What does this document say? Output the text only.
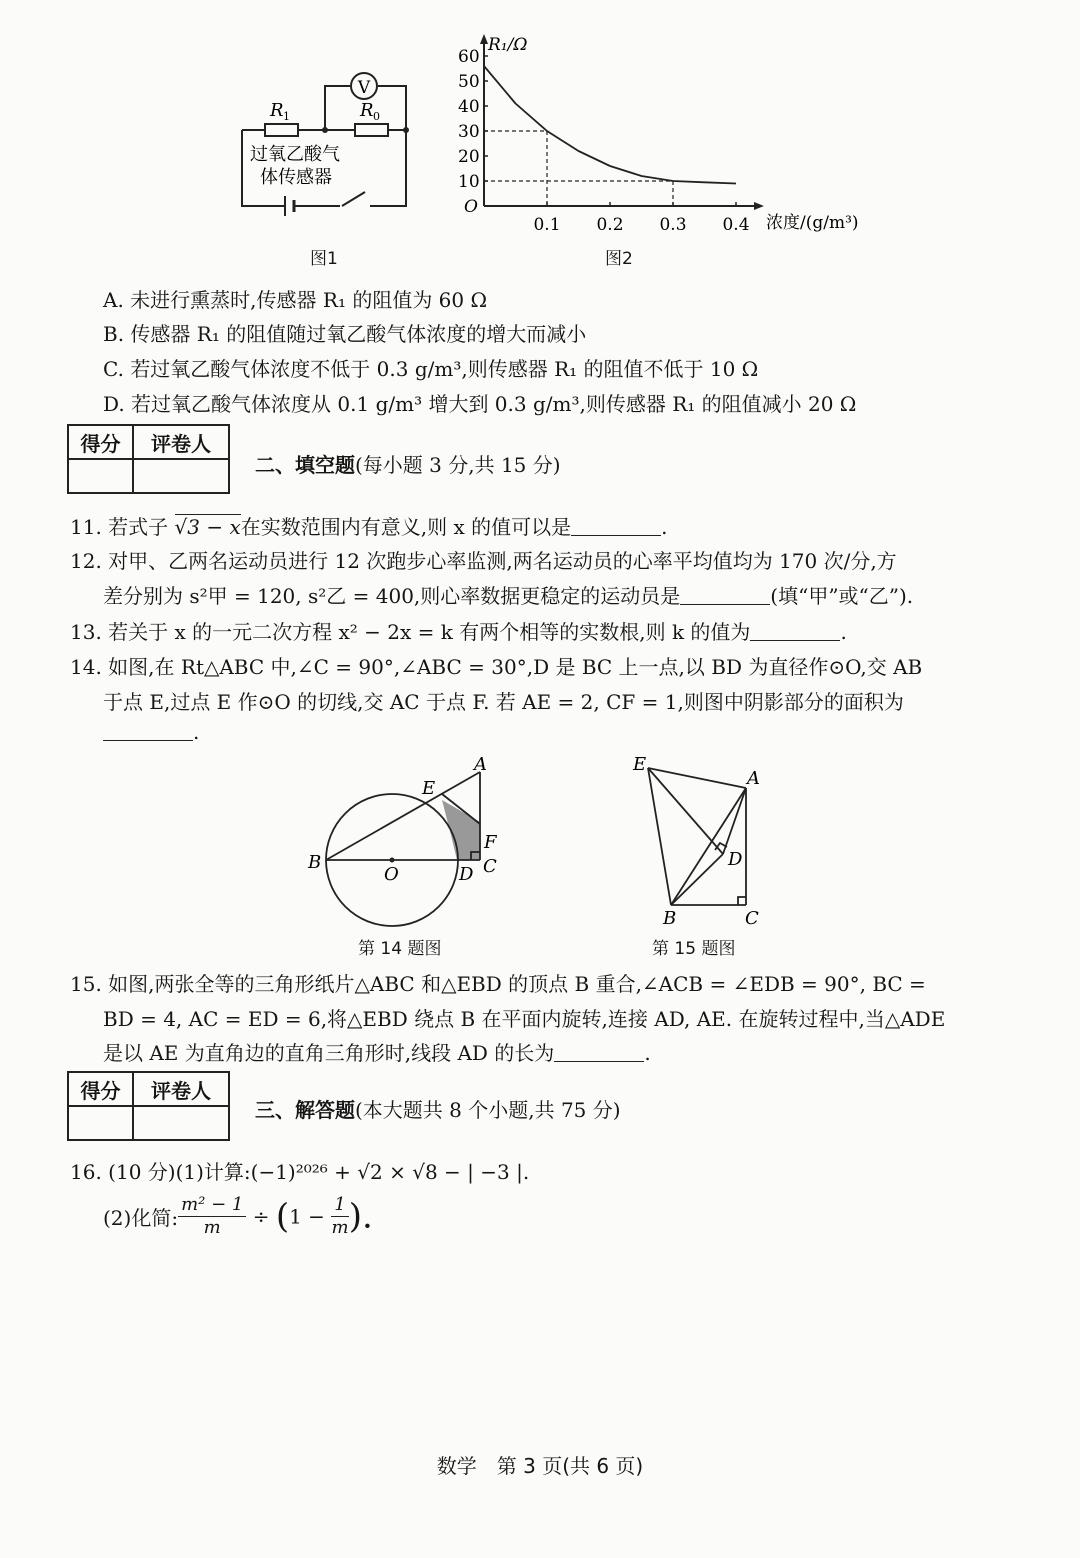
V
R 1	R 0
过氧乙酸气
体传感器
图1
R₁/Ω
浓度/(g/m³)
O
60
50
40
30
20
10
0.1 0.2 0.3 0.4
图2
A. 未进行熏蒸时,传感器 R₁ 的阻值为 60 Ω
B. 传感器 R₁ 的阻值随过氧乙酸气体浓度的增大而减小
C. 若过氧乙酸气体浓度不低于 0.3 g/m³,则传感器 R₁ 的阻值不低于 10 Ω
D. 若过氧乙酸气体浓度从 0.1 g/m³ 增大到 0.3 g/m³,则传感器 R₁ 的阻值减小 20 Ω
得分	评卷人

二、填空题(每小题 3 分,共 15 分)
11. 若式子 √3 − x在实数范围内有意义,则 x 的值可以是	.
12. 对甲、乙两名运动员进行 12 次跑步心率监测,两名运动员的心率平均值均为 170 次/分,方
差分别为 s²甲 = 120, s²乙 = 400,则心率数据更稳定的运动员是	(填“甲”或“乙”).
13. 若关于 x 的一元二次方程 x² − 2x = k 有两个相等的实数根,则 k 的值为	.
14. 如图,在 Rt△ABC 中,∠C = 90°,∠ABC = 30°,D 是 BC 上一点,以 BD 为直径作⊙O,交 AB
于点 E,过点 E 作⊙O 的切线,交 AC 于点 F. 若 AE = 2, CF = 1,则图中阴影部分的面积为
.
B
O	D C
F
E
A
第 14 题图
E
A
D
B	C
第 15 题图
15. 如图,两张全等的三角形纸片△ABC 和△EBD 的顶点 B 重合,∠ACB = ∠EDB = 90°, BC =
BD = 4, AC = ED = 6,将△EBD 绕点 B 在平面内旋转,连接 AD, AE. 在旋转过程中,当△ADE
是以 AE 为直角边的直角三角形时,线段 AD 的长为	.
得分	评卷人

三、解答题(本大题共 8 个小题,共 75 分)
16. (10 分)(1)计算:(−1)²⁰²⁶ + √2 × √8 − | −3 |.
(2)化简: $\frac{\text{m² − 1}}{m} \div (1 - \frac{1}{m}$ ).
数学　第 3 页(共 6 页)
